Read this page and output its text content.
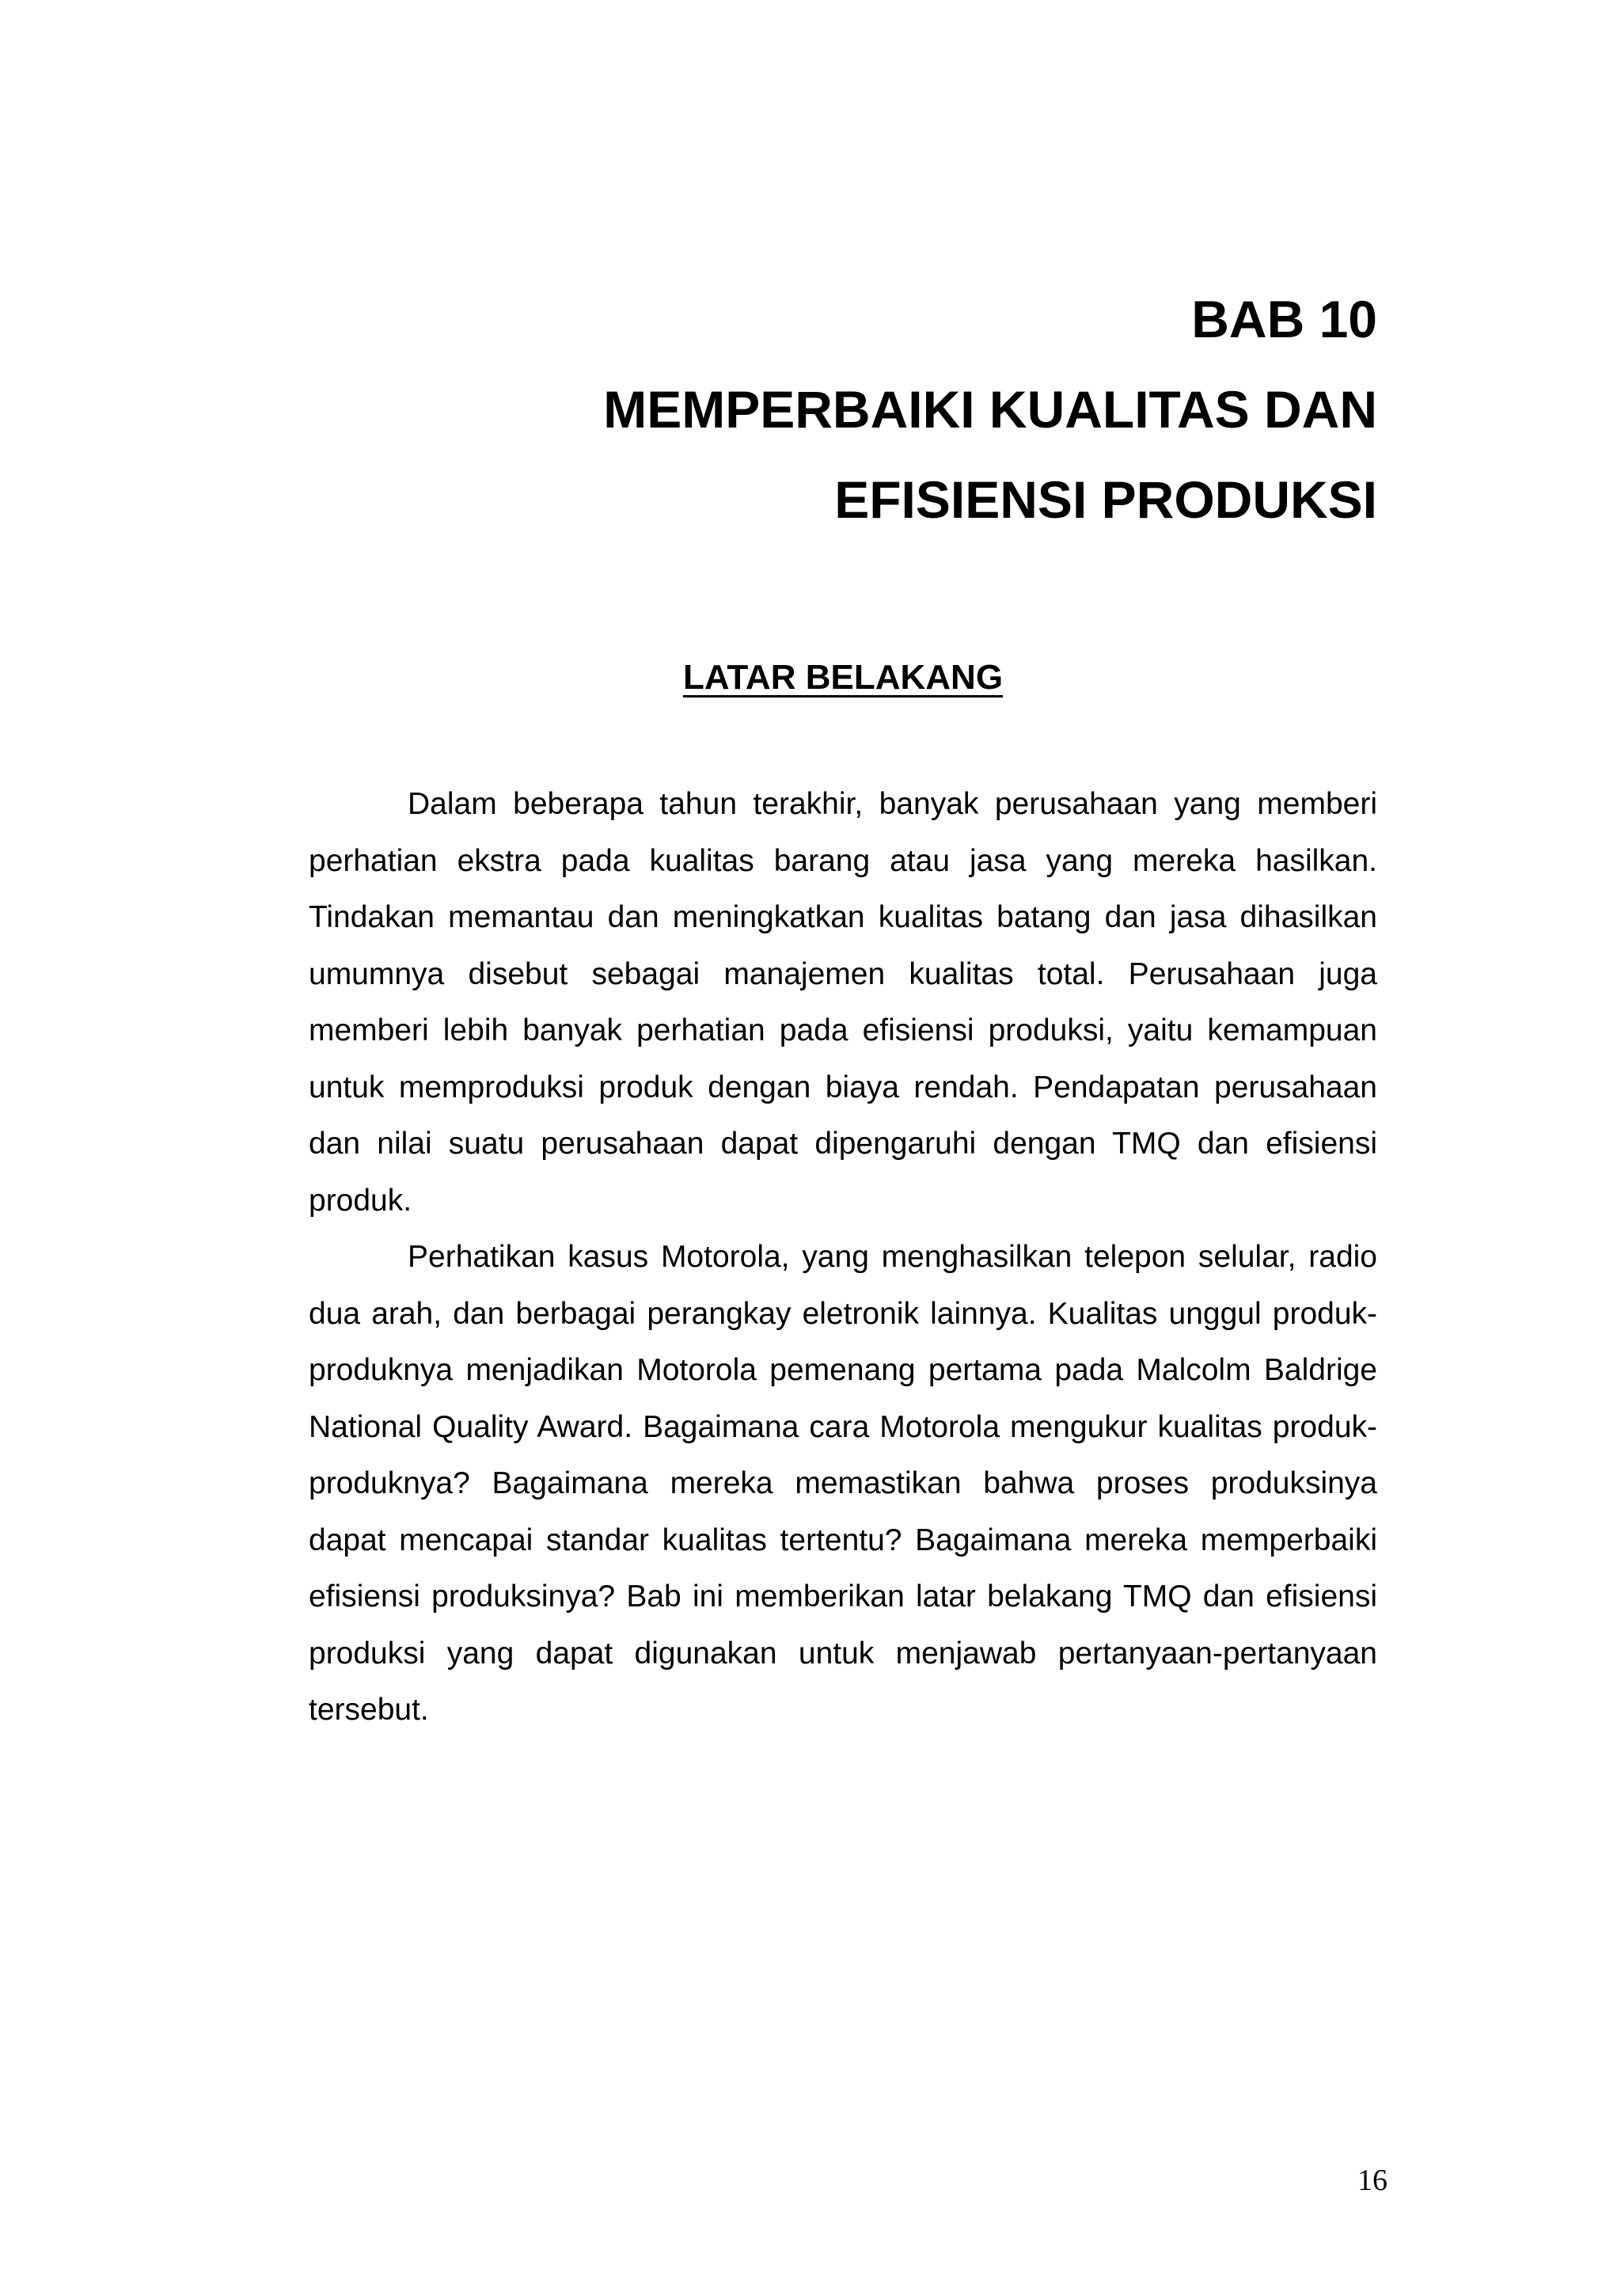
BAB 10
MEMPERBAIKI KUALITAS DAN
EFISIENSI PRODUKSI
LATAR BELAKANG

Dalam beberapa tahun terakhir, banyak perusahaan yang memberi perhatian ekstra pada kualitas barang atau jasa yang mereka hasilkan. Tindakan memantau dan meningkatkan kualitas batang dan jasa dihasilkan umumnya disebut sebagai manajemen kualitas total. Perusahaan juga memberi lebih banyak perhatian pada efisiensi produksi, yaitu kemampuan untuk memproduksi produk dengan biaya rendah. Pendapatan perusahaan dan nilai suatu perusahaan dapat dipengaruhi dengan TMQ dan efisiensi produk.

Perhatikan kasus Motorola, yang menghasilkan telepon selular, radio dua arah, dan berbagai perangkay eletronik lainnya. Kualitas unggul produk-produknya menjadikan Motorola pemenang pertama pada Malcolm Baldrige National Quality Award. Bagaimana cara Motorola mengukur kualitas produk-produknya? Bagaimana mereka memastikan bahwa proses produksinya dapat mencapai standar kualitas tertentu? Bagaimana mereka memperbaiki efisiensi produksinya? Bab ini memberikan latar belakang TMQ dan efisiensi produksi yang dapat digunakan untuk menjawab pertanyaan-pertanyaan tersebut.

16
